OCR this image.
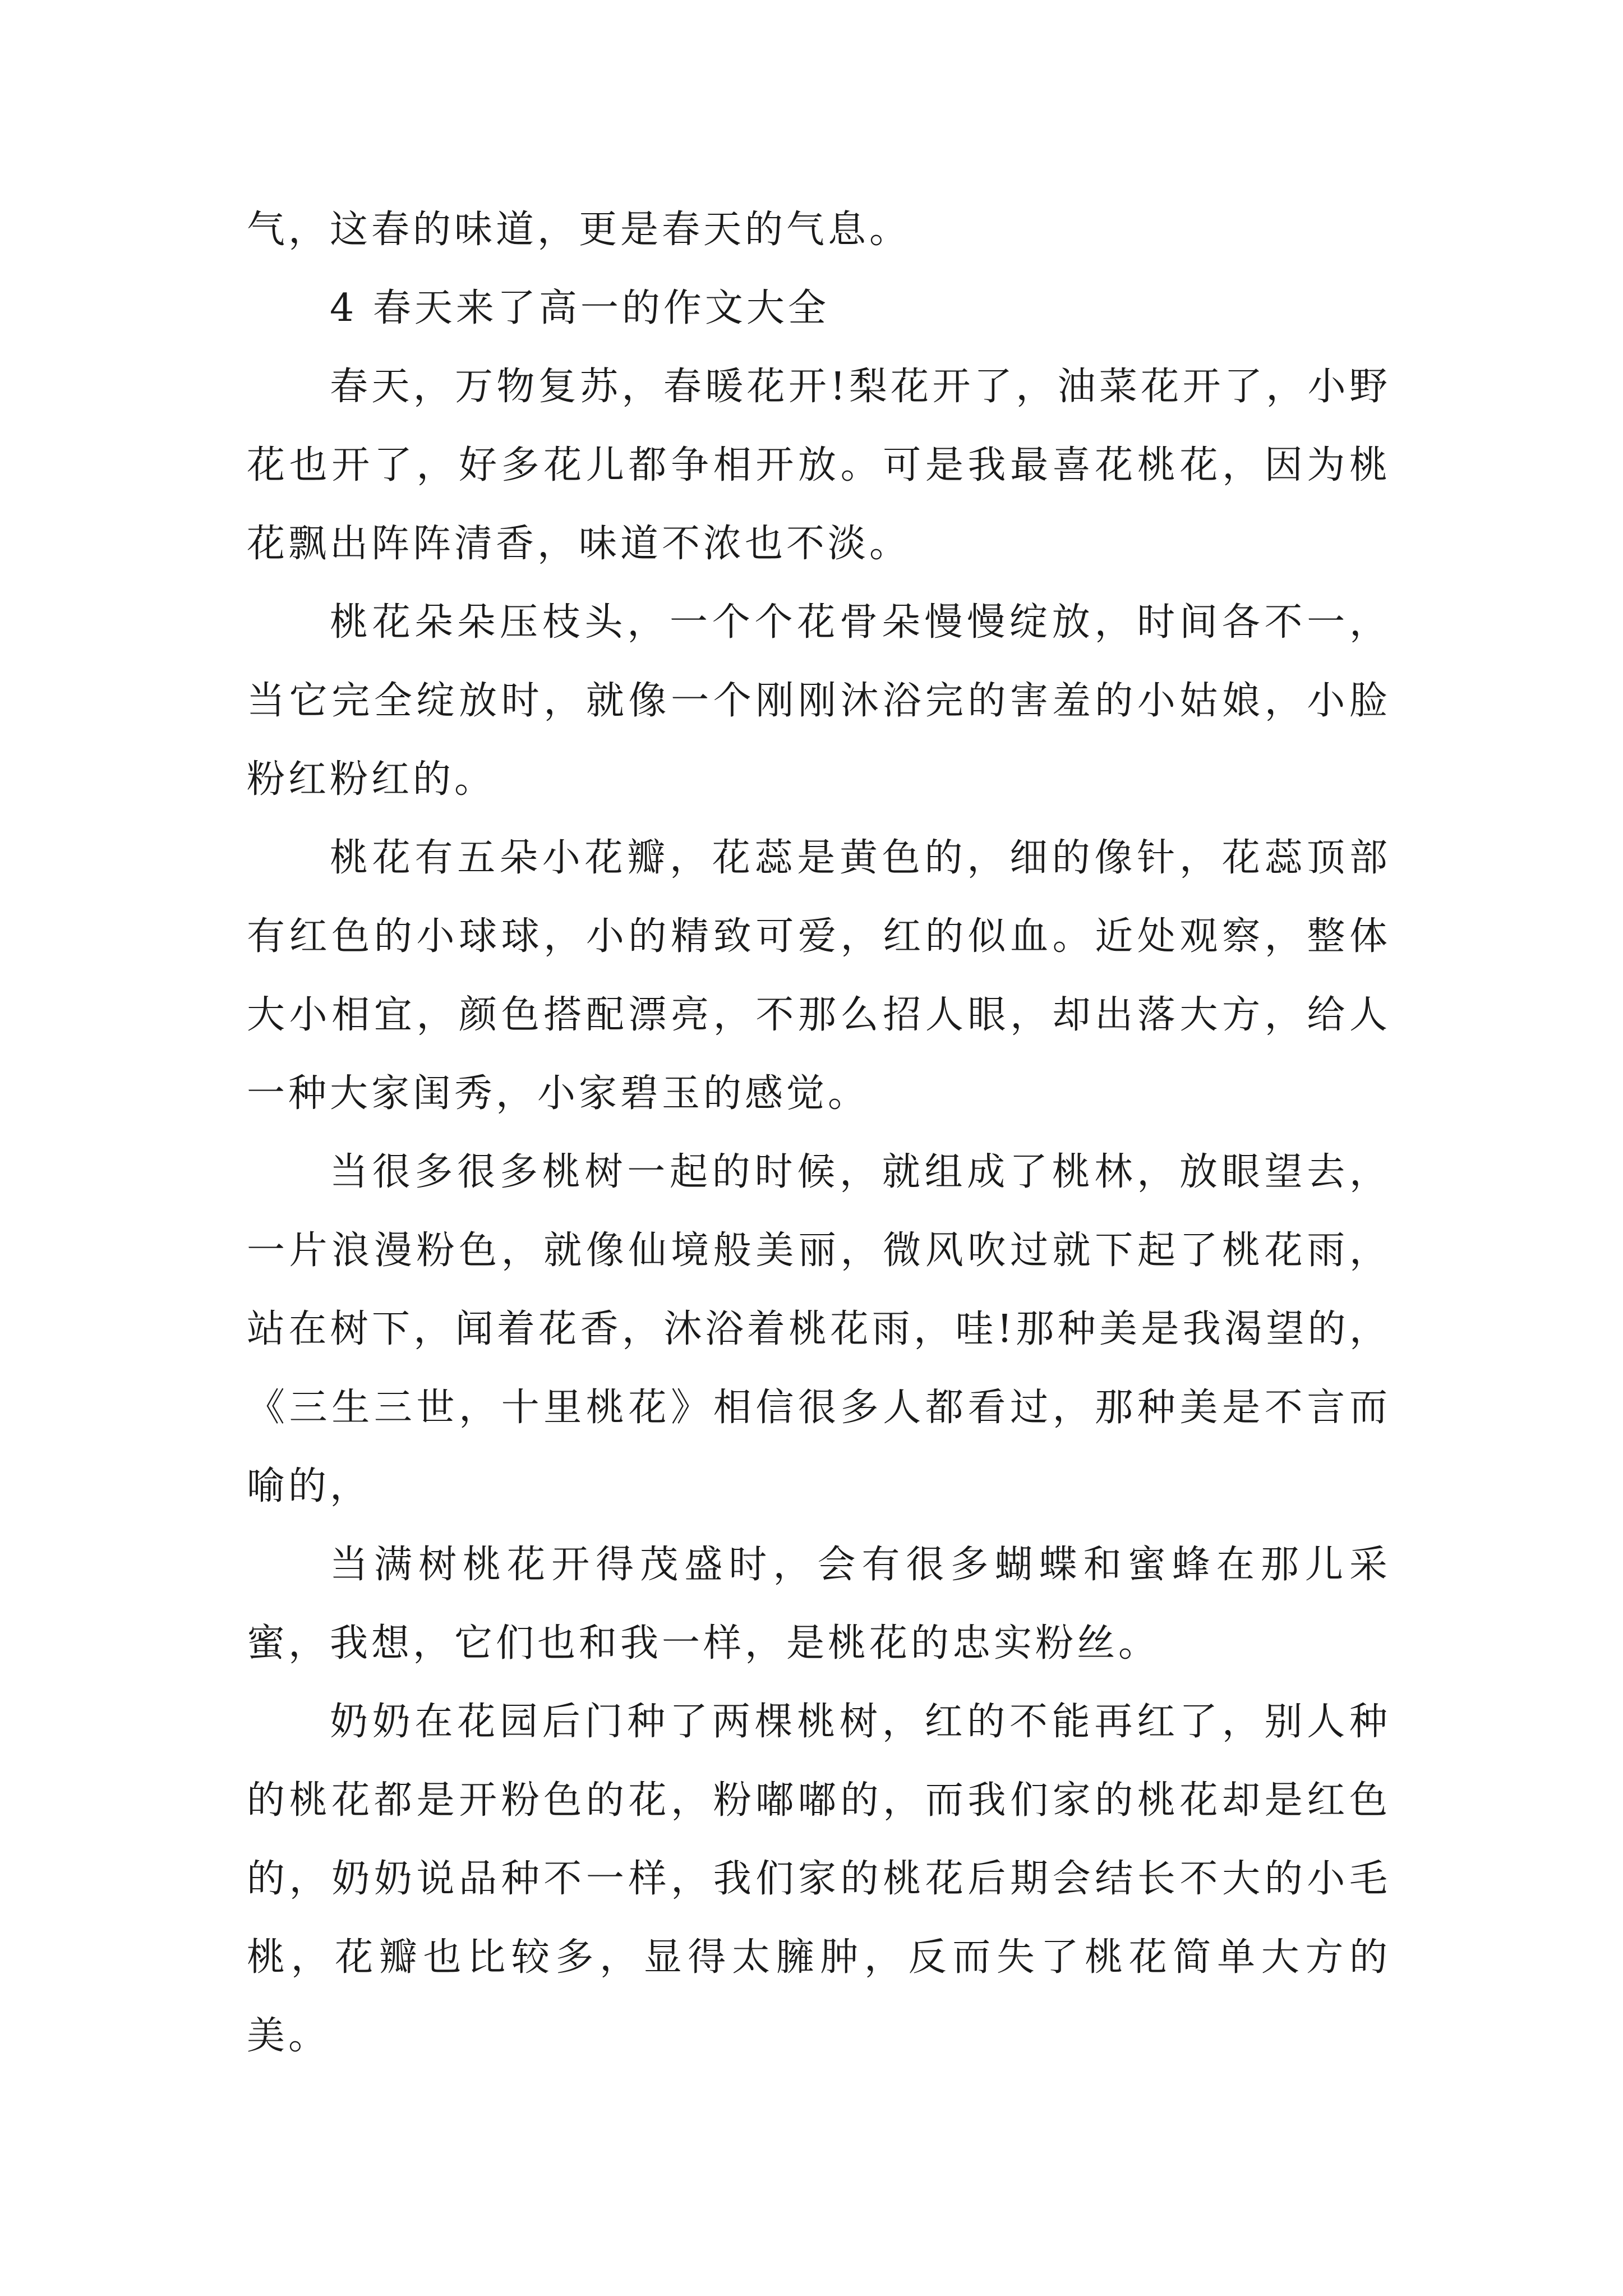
气，这春的味道，更是春天的气息。

4 春天来了高一的作文大全

春天，万物复苏，春暖花开!梨花开了，油菜花开了，小野花也开了，好多花儿都争相开放。可是我最喜花桃花，因为桃花飘出阵阵清香，味道不浓也不淡。

桃花朵朵压枝头，一个个花骨朵慢慢绽放，时间各不一，当它完全绽放时，就像一个刚刚沐浴完的害羞的小姑娘，小脸粉红粉红的。

桃花有五朵小花瓣，花蕊是黄色的，细的像针，花蕊顶部有红色的小球球，小的精致可爱，红的似血。近处观察，整体大小相宜，颜色搭配漂亮，不那么招人眼，却出落大方，给人一种大家闺秀，小家碧玉的感觉。

当很多很多桃树一起的时候，就组成了桃林，放眼望去，一片浪漫粉色，就像仙境般美丽，微风吹过就下起了桃花雨，站在树下，闻着花香，沐浴着桃花雨，哇!那种美是我渴望的，《三生三世，十里桃花》相信很多人都看过，那种美是不言而喻的，

当满树桃花开得茂盛时，会有很多蝴蝶和蜜蜂在那儿采蜜，我想，它们也和我一样，是桃花的忠实粉丝。

奶奶在花园后门种了两棵桃树，红的不能再红了，别人种的桃花都是开粉色的花，粉嘟嘟的，而我们家的桃花却是红色的，奶奶说品种不一样，我们家的桃花后期会结长不大的小毛桃，花瓣也比较多，显得太臃肿，反而失了桃花简单大方的美。
